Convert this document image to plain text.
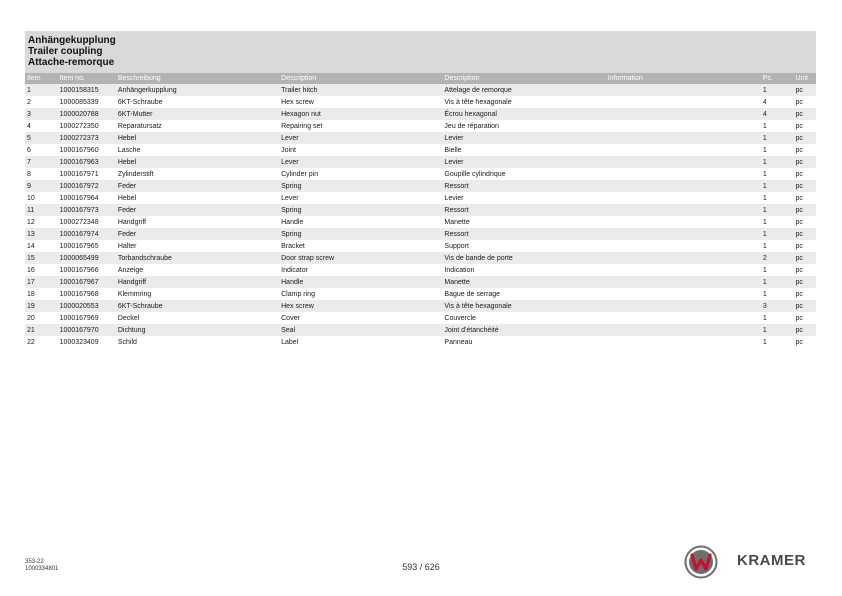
Anhängekupplung
Trailer coupling
Attache-remorque
Item	Item no.	Beschreibung	Description	Description	Information	Pc.	Unit
1	1000158315	Anhängerkupplung	Trailer hitch	Attelage de remorque		1	pc
2	1000085339	6KT-Schraube	Hex screw	Vis à tête hexagonale		4	pc
3	1000020788	6KT-Mutter	Hexagon nut	Écrou hexagonal		4	pc
4	1000272350	Reparatursatz	Repairing set	Jeu de réparation		1	pc
5	1000272373	Hebel	Lever	Levier		1	pc
6	1000167960	Lasche	Joint	Bielle		1	pc
7	1000167963	Hebel	Lever	Levier		1	pc
8	1000167971	Zylinderstift	Cylinder pin	Goupille cylindrique		1	pc
9	1000167972	Feder	Spring	Ressort		1	pc
10	1000167964	Hebel	Lever	Levier		1	pc
11	1000167973	Feder	Spring	Ressort		1	pc
12	1000272348	Handgriff	Handle	Manette		1	pc
13	1000167974	Feder	Spring	Ressort		1	pc
14	1000167965	Halter	Bracket	Support		1	pc
15	1000065499	Torbandschraube	Door strap screw	Vis de bande de porte		2	pc
16	1000167966	Anzeige	Indicator	Indication		1	pc
17	1000167967	Handgriff	Handle	Manette		1	pc
18	1000167968	Klemmring	Clamp ring	Bague de serrage		1	pc
19	1000020553	6KT-Schraube	Hex screw	Vis à tête hexagonale		3	pc
20	1000167969	Deckel	Cover	Couvercle		1	pc
21	1000167970	Dichtung	Seal	Joint d'étanchéité		1	pc
22	1000323409	Schild	Label	Panneau		1	pc
353-22
1000334801	593 / 626	KRAMER
